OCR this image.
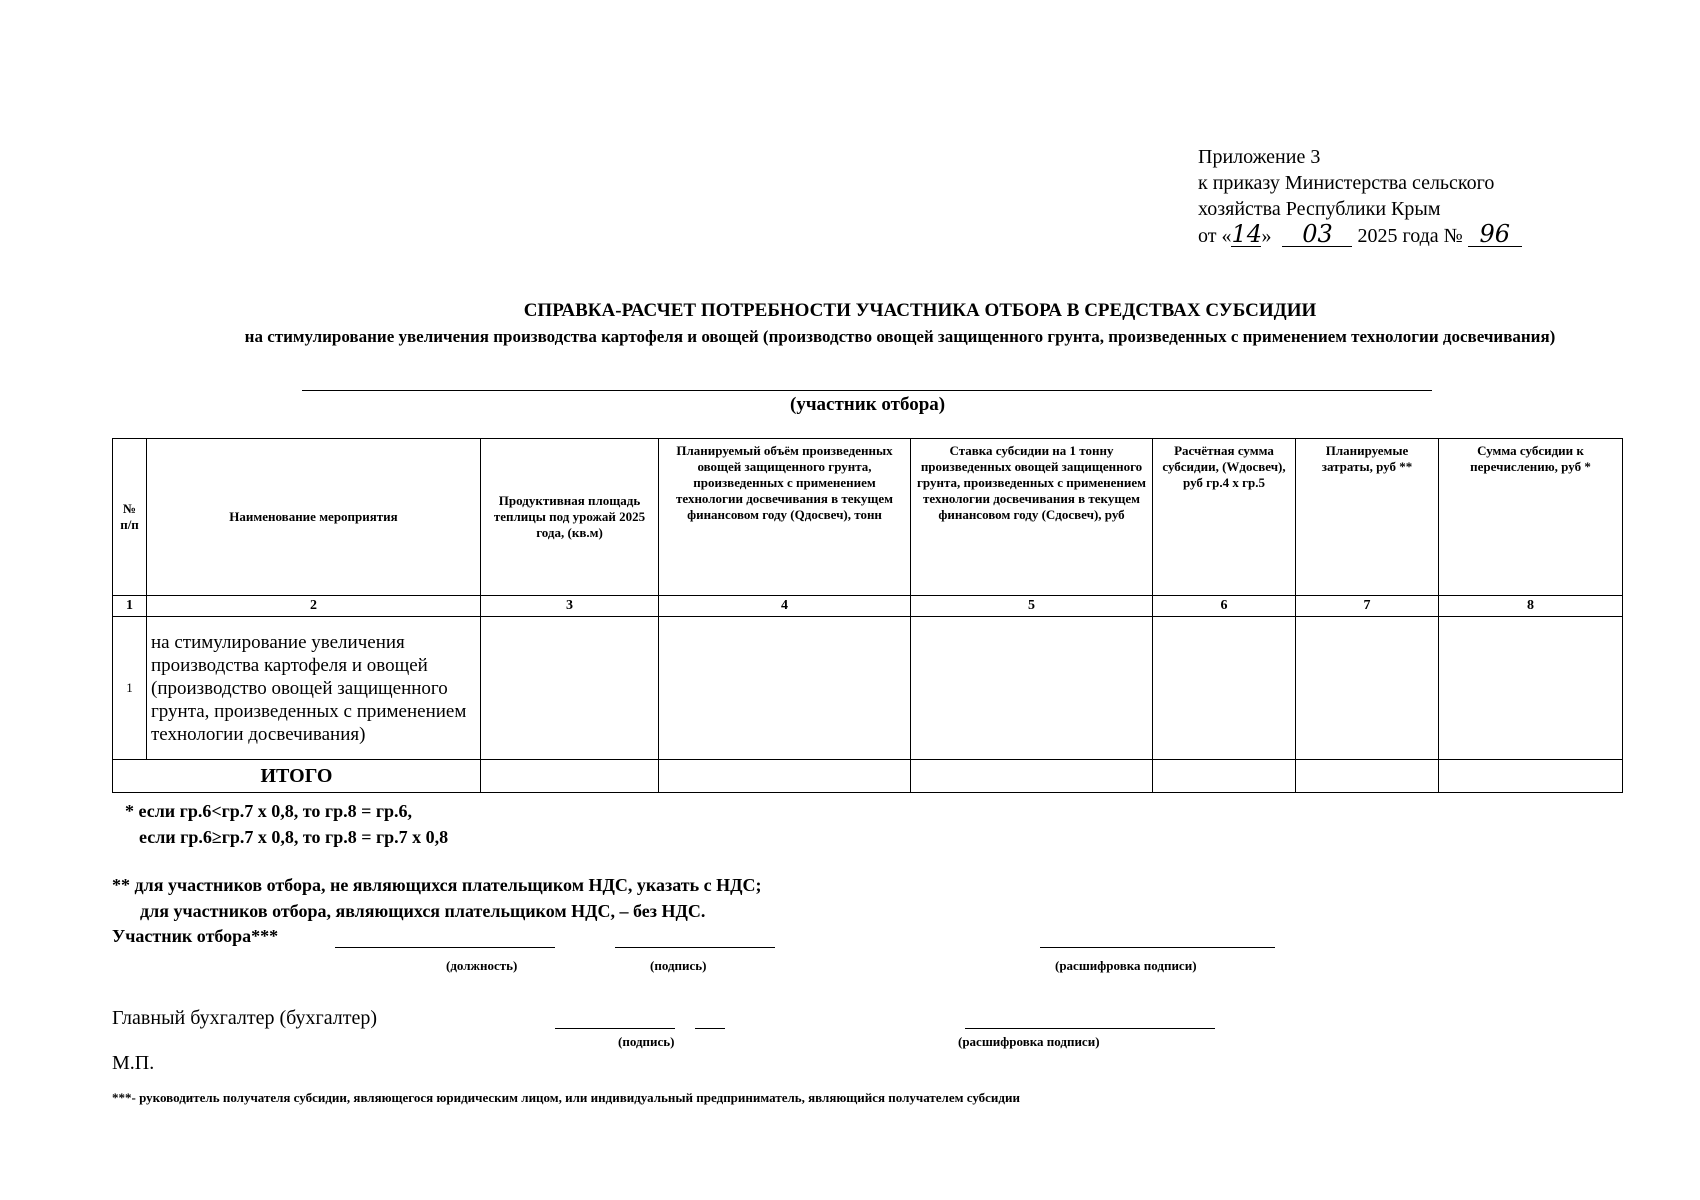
Приложение 3
к приказу Министерства сельского
хозяйства Республики Крым
от «14» 03 2025 года № 96
СПРАВКА-РАСЧЕТ ПОТРЕБНОСТИ УЧАСТНИКА ОТБОРА В СРЕДСТВАХ СУБСИДИИ
на стимулирование увеличения производства картофеля и овощей (производство овощей защищенного грунта, произведенных с применением технологии досвечивания)
(участник отбора)
№ п/п	Наименование мероприятия	Продуктивная площадь теплицы под урожай 2025 года, (кв.м)	Планируемый объём произведенных овощей защищенного грунта, произведенных с применением технологии досвечивания в текущем финансовом году (Qдосвеч), тонн	Ставка субсидии на 1 тонну произведенных овощей защищенного грунта, произведенных с применением технологии досвечивания в текущем финансовом году (Cдосвеч), руб	Расчётная сумма субсидии, (Wдосвеч), руб гр.4 х гр.5	Планируемые затраты, руб **	Сумма субсидии к перечислению, руб *
1	2	3	4	5	6	7	8
1	на стимулирование увеличения производства картофеля и овощей (производство овощей защищенного грунта, произведенных с применением технологии досвечивания)						
ИТОГО							
* если гр.6<гр.7 х 0,8, то гр.8 = гр.6,
если гр.6≥гр.7 х 0,8, то гр.8 = гр.7 х 0,8
** для участников отбора, не являющихся плательщиком НДС, указать с НДС;
для участников отбора, являющихся плательщиком НДС, – без НДС.
Участник отбора***
(должность)	(подпись)	(расшифровка подписи)
Главный бухгалтер (бухгалтер)
(подпись)	(расшифровка подписи)
М.П.
***- руководитель получателя субсидии, являющегося юридическим лицом, или индивидуальный предприниматель, являющийся получателем субсидии
